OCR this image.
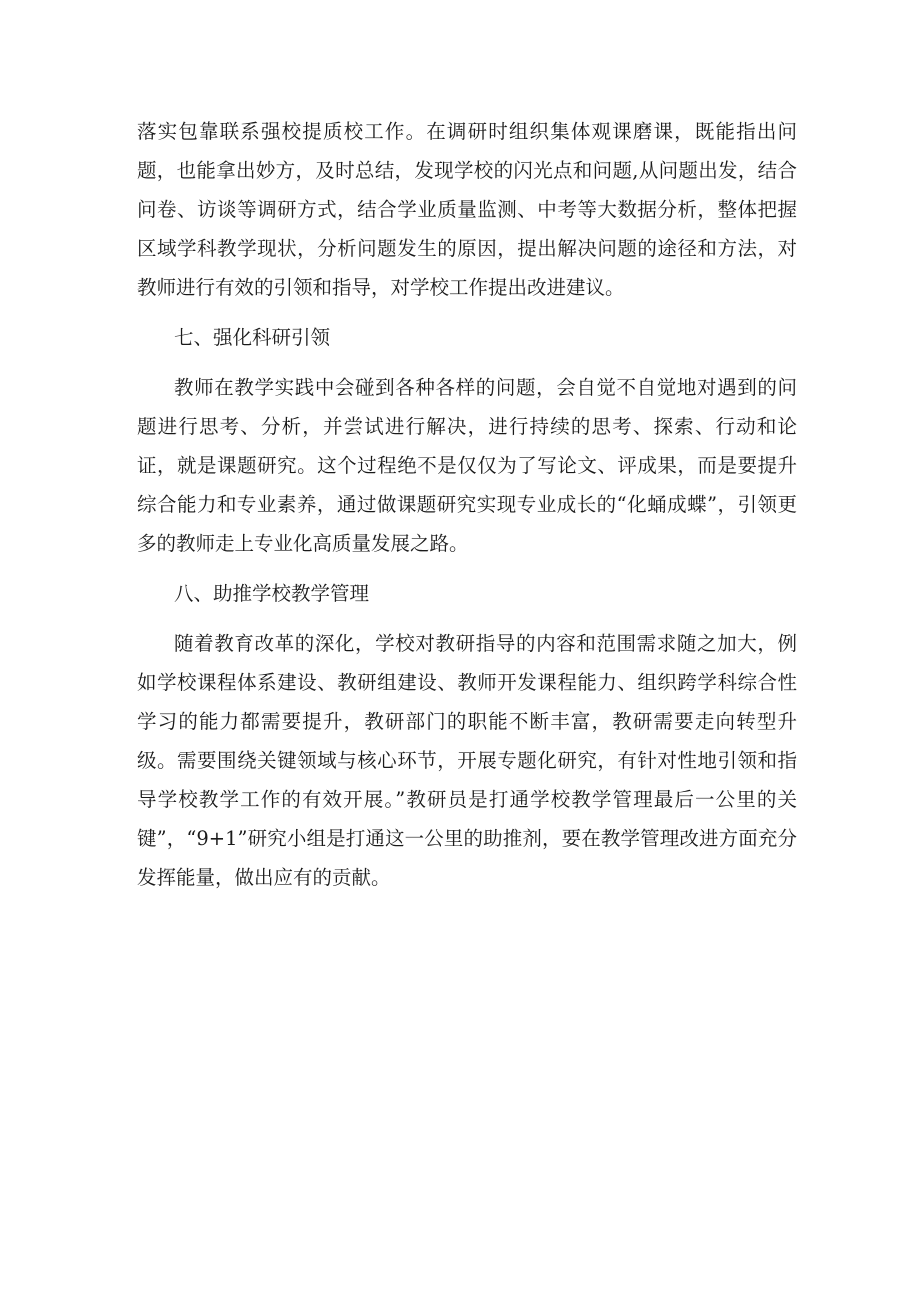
落实包靠联系强校提质校工作。在调研时组织集体观课磨课，既能指出问题，也能拿出妙方，及时总结，发现学校的闪光点和问题,从问题出发，结合问卷、访谈等调研方式，结合学业质量监测、中考等大数据分析，整体把握区域学科教学现状，分析问题发生的原因，提出解决问题的途径和方法，对教师进行有效的引领和指导，对学校工作提出改进建议。

七、强化科研引领

教师在教学实践中会碰到各种各样的问题，会自觉不自觉地对遇到的问题进行思考、分析，并尝试进行解决，进行持续的思考、探索、行动和论证，就是课题研究。这个过程绝不是仅仅为了写论文、评成果，而是要提升综合能力和专业素养，通过做课题研究实现专业成长的“化蛹成蝶”，引领更多的教师走上专业化高质量发展之路。

八、助推学校教学管理

随着教育改革的深化，学校对教研指导的内容和范围需求随之加大，例如学校课程体系建设、教研组建设、教师开发课程能力、组织跨学科综合性学习的能力都需要提升，教研部门的职能不断丰富，教研需要走向转型升级。需要围绕关键领域与核心环节，开展专题化研究，有针对性地引领和指导学校教学工作的有效开展。”教研员是打通学校教学管理最后一公里的关键”，“9+1”研究小组是打通这一公里的助推剂，要在教学管理改进方面充分发挥能量，做出应有的贡献。
